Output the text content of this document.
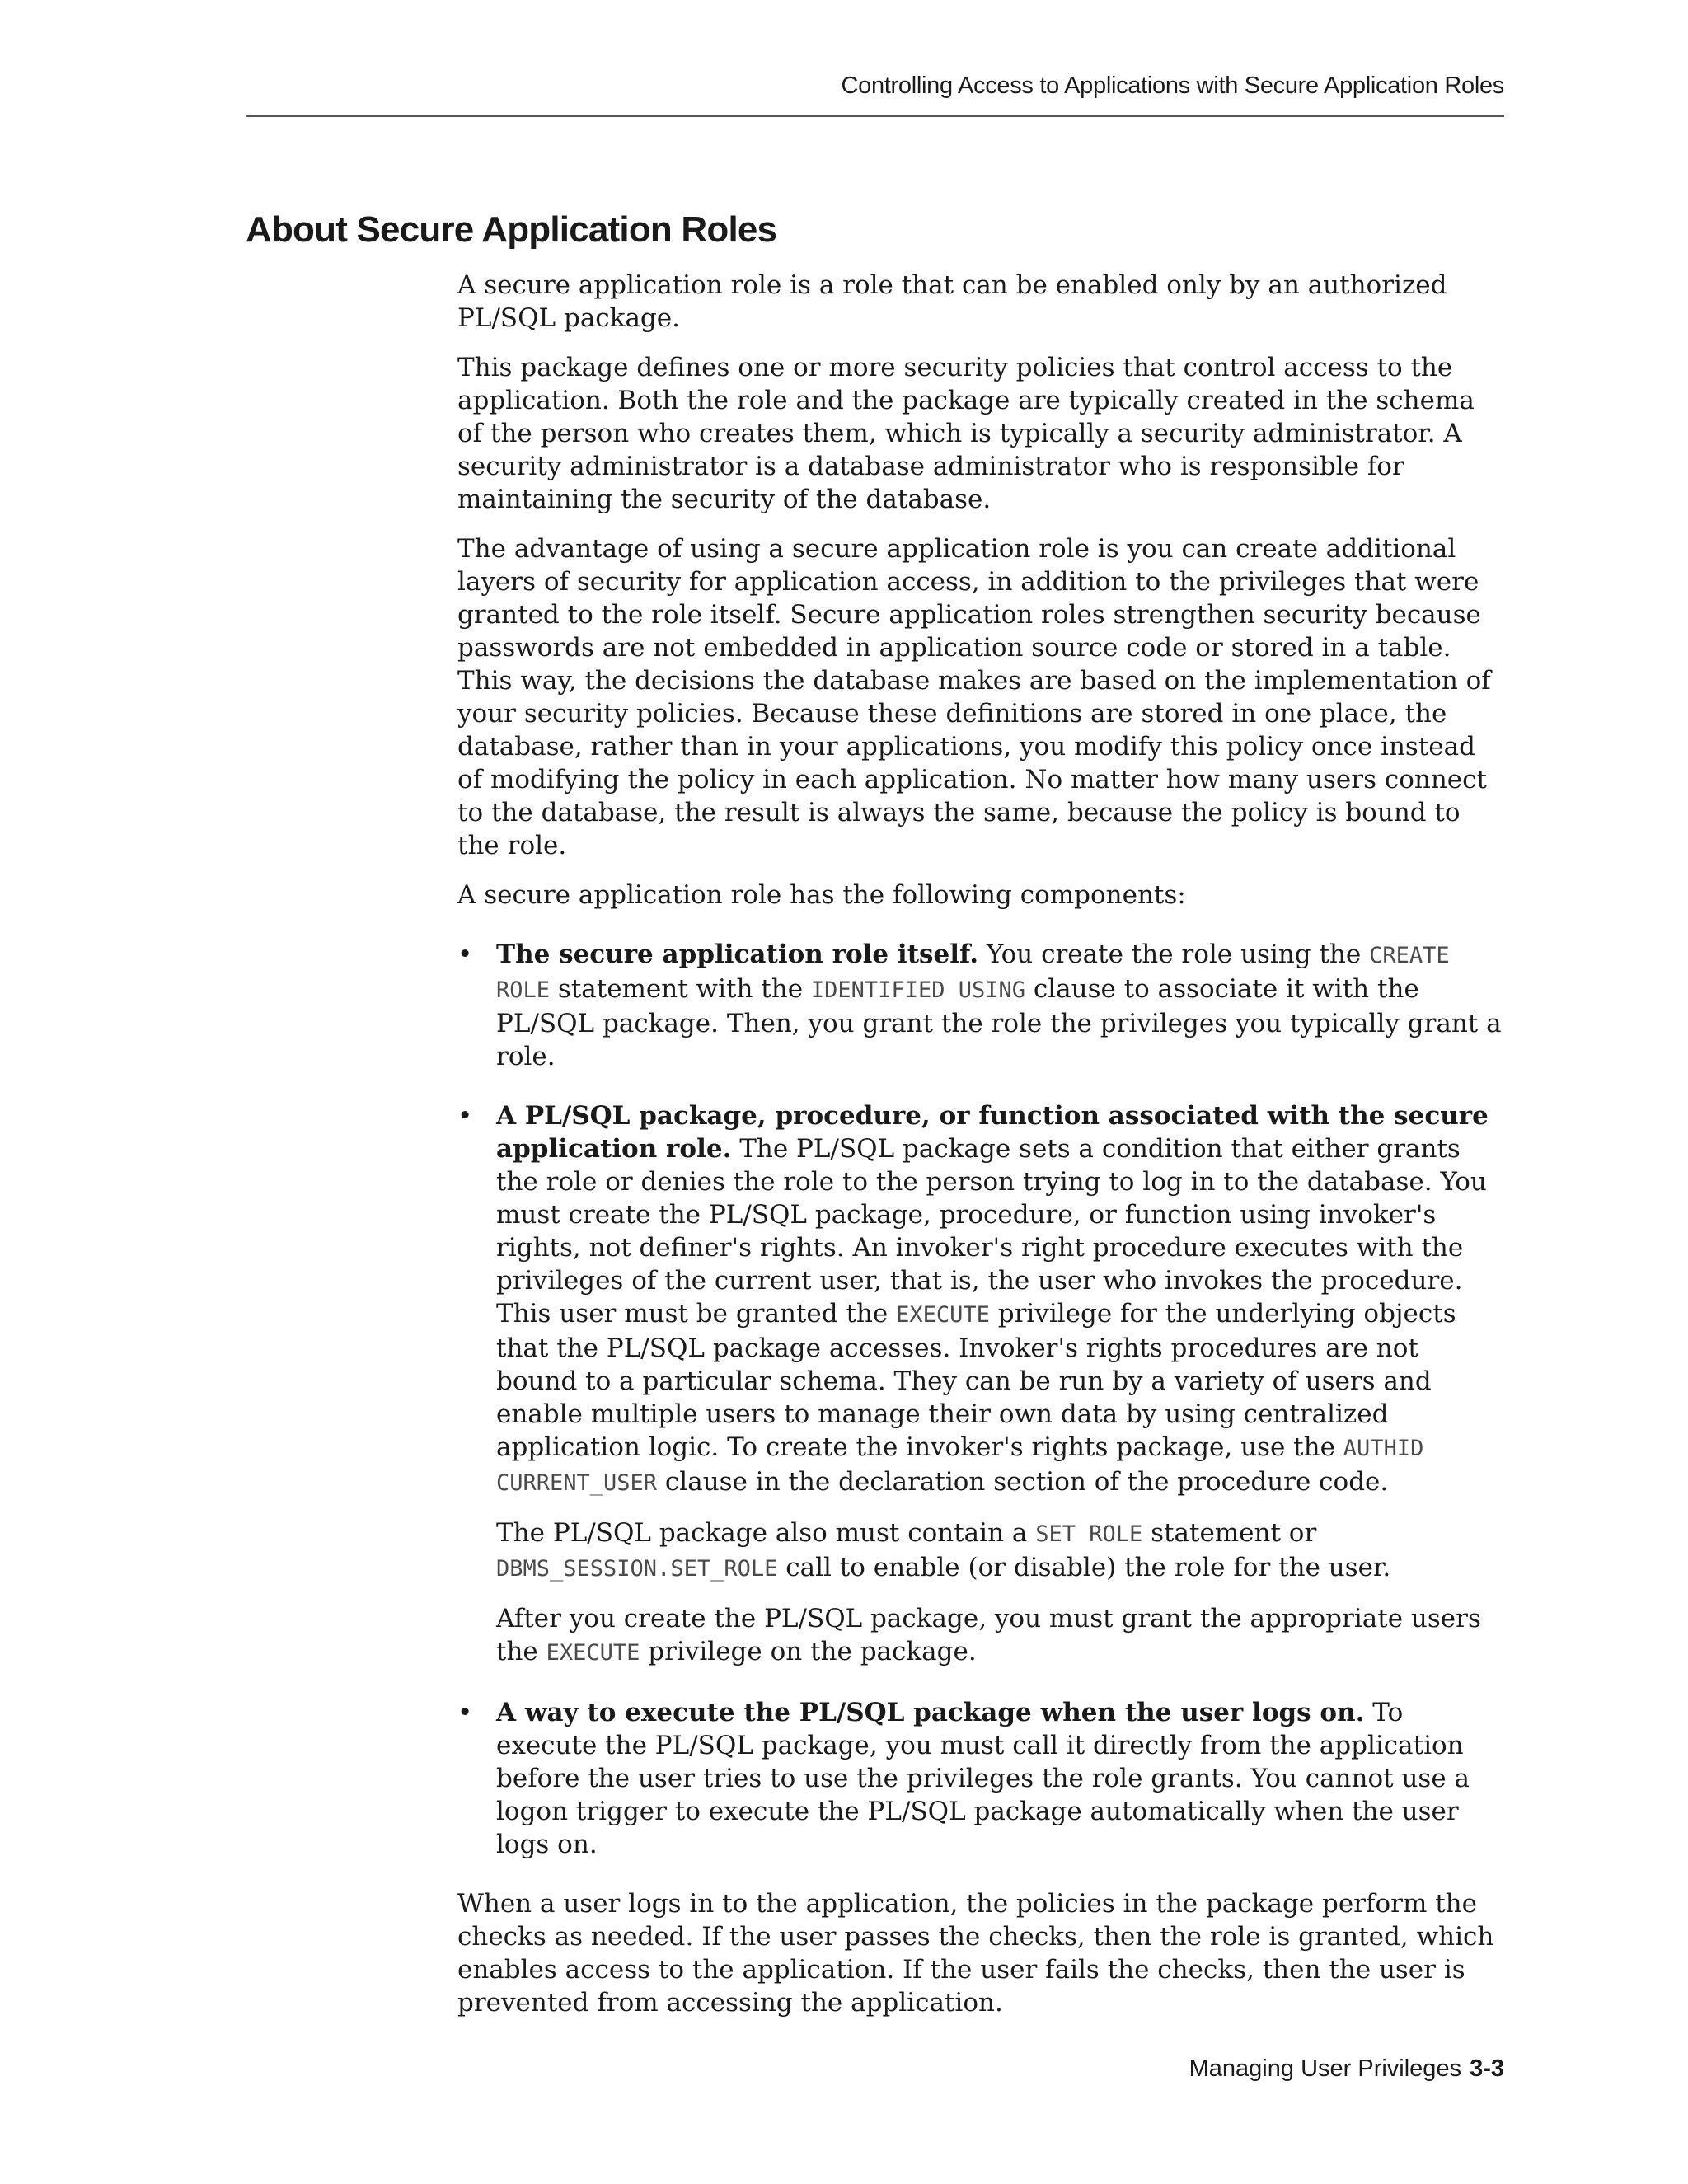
Controlling Access to Applications with Secure Application Roles
About Secure Application Roles

A secure application role is a role that can be enabled only by an authorized PL/SQL package.

This package defines one or more security policies that control access to the application. Both the role and the package are typically created in the schema of the person who creates them, which is typically a security administrator. A security administrator is a database administrator who is responsible for maintaining the security of the database.

The advantage of using a secure application role is you can create additional layers of security for application access, in addition to the privileges that were granted to the role itself. Secure application roles strengthen security because passwords are not embedded in application source code or stored in a table. This way, the decisions the database makes are based on the implementation of your security policies. Because these definitions are stored in one place, the database, rather than in your applications, you modify this policy once instead of modifying the policy in each application. No matter how many users connect to the database, the result is always the same, because the policy is bound to the role.

A secure application role has the following components:

• The secure application role itself. You create the role using the CREATE ROLE statement with the IDENTIFIED USING clause to associate it with the PL/SQL package. Then, you grant the role the privileges you typically grant a role.

• A PL/SQL package, procedure, or function associated with the secure application role. The PL/SQL package sets a condition that either grants the role or denies the role to the person trying to log in to the database. You must create the PL/SQL package, procedure, or function using invoker's rights, not definer's rights. An invoker's right procedure executes with the privileges of the current user, that is, the user who invokes the procedure. This user must be granted the EXECUTE privilege for the underlying objects that the PL/SQL package accesses. Invoker's rights procedures are not bound to a particular schema. They can be run by a variety of users and enable multiple users to manage their own data by using centralized application logic. To create the invoker's rights package, use the AUTHID CURRENT_USER clause in the declaration section of the procedure code.

The PL/SQL package also must contain a SET ROLE statement or DBMS_SESSION.SET_ROLE call to enable (or disable) the role for the user.

After you create the PL/SQL package, you must grant the appropriate users the EXECUTE privilege on the package.

• A way to execute the PL/SQL package when the user logs on. To execute the PL/SQL package, you must call it directly from the application before the user tries to use the privileges the role grants. You cannot use a logon trigger to execute the PL/SQL package automatically when the user logs on.

When a user logs in to the application, the policies in the package perform the checks as needed. If the user passes the checks, then the role is granted, which enables access to the application. If the user fails the checks, then the user is prevented from accessing the application.

Managing User Privileges 3-3
